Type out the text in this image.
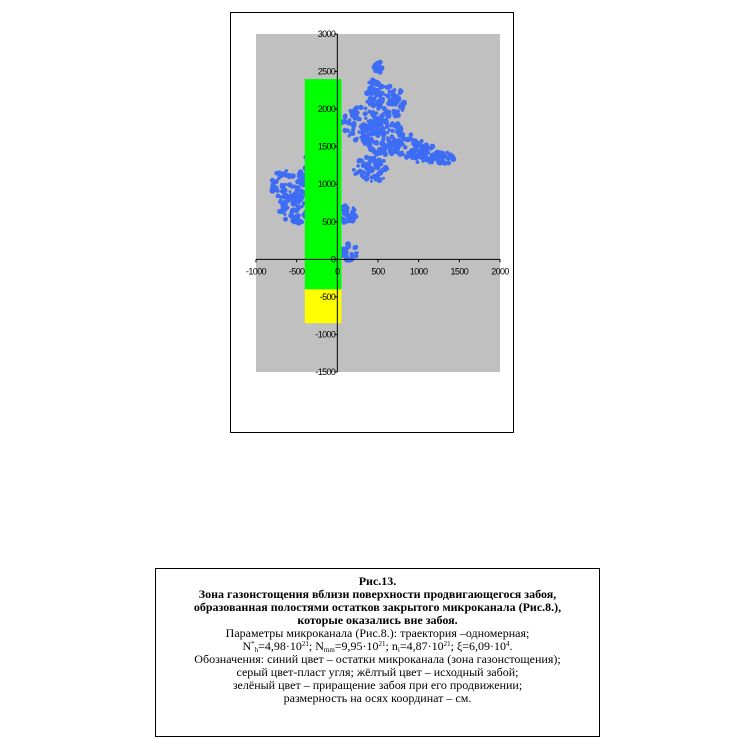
-1000	-500	0	500	1000	1500	2000
-1500
-1000
-500
0
500
1000
1500
2000
2500
3000
Рис.13.
Зона газонстощения вблизи поверхности продвигающегося забоя,
образованная полостями остатков закрытого микроканала (Рис.8.),
которые оказались вне забоя.
Параметры микроканала (Рис.8.): траектория –одномерная;
$N^*_h=4,98\cdot 10^{21}$; $N_{mm}=9,95\cdot 10^{21}$; $n_i=4,87\cdot 10^{21}$; $\xi=6,09\cdot 10^4$.
Обозначения: синий цвет – остатки микроканала (зона газонстощения);
серый цвет-пласт угля; жёлтый цвет – исходный забой;
зелёный цвет – приращение забоя при его продвижении;
размерность на осях координат – см.
